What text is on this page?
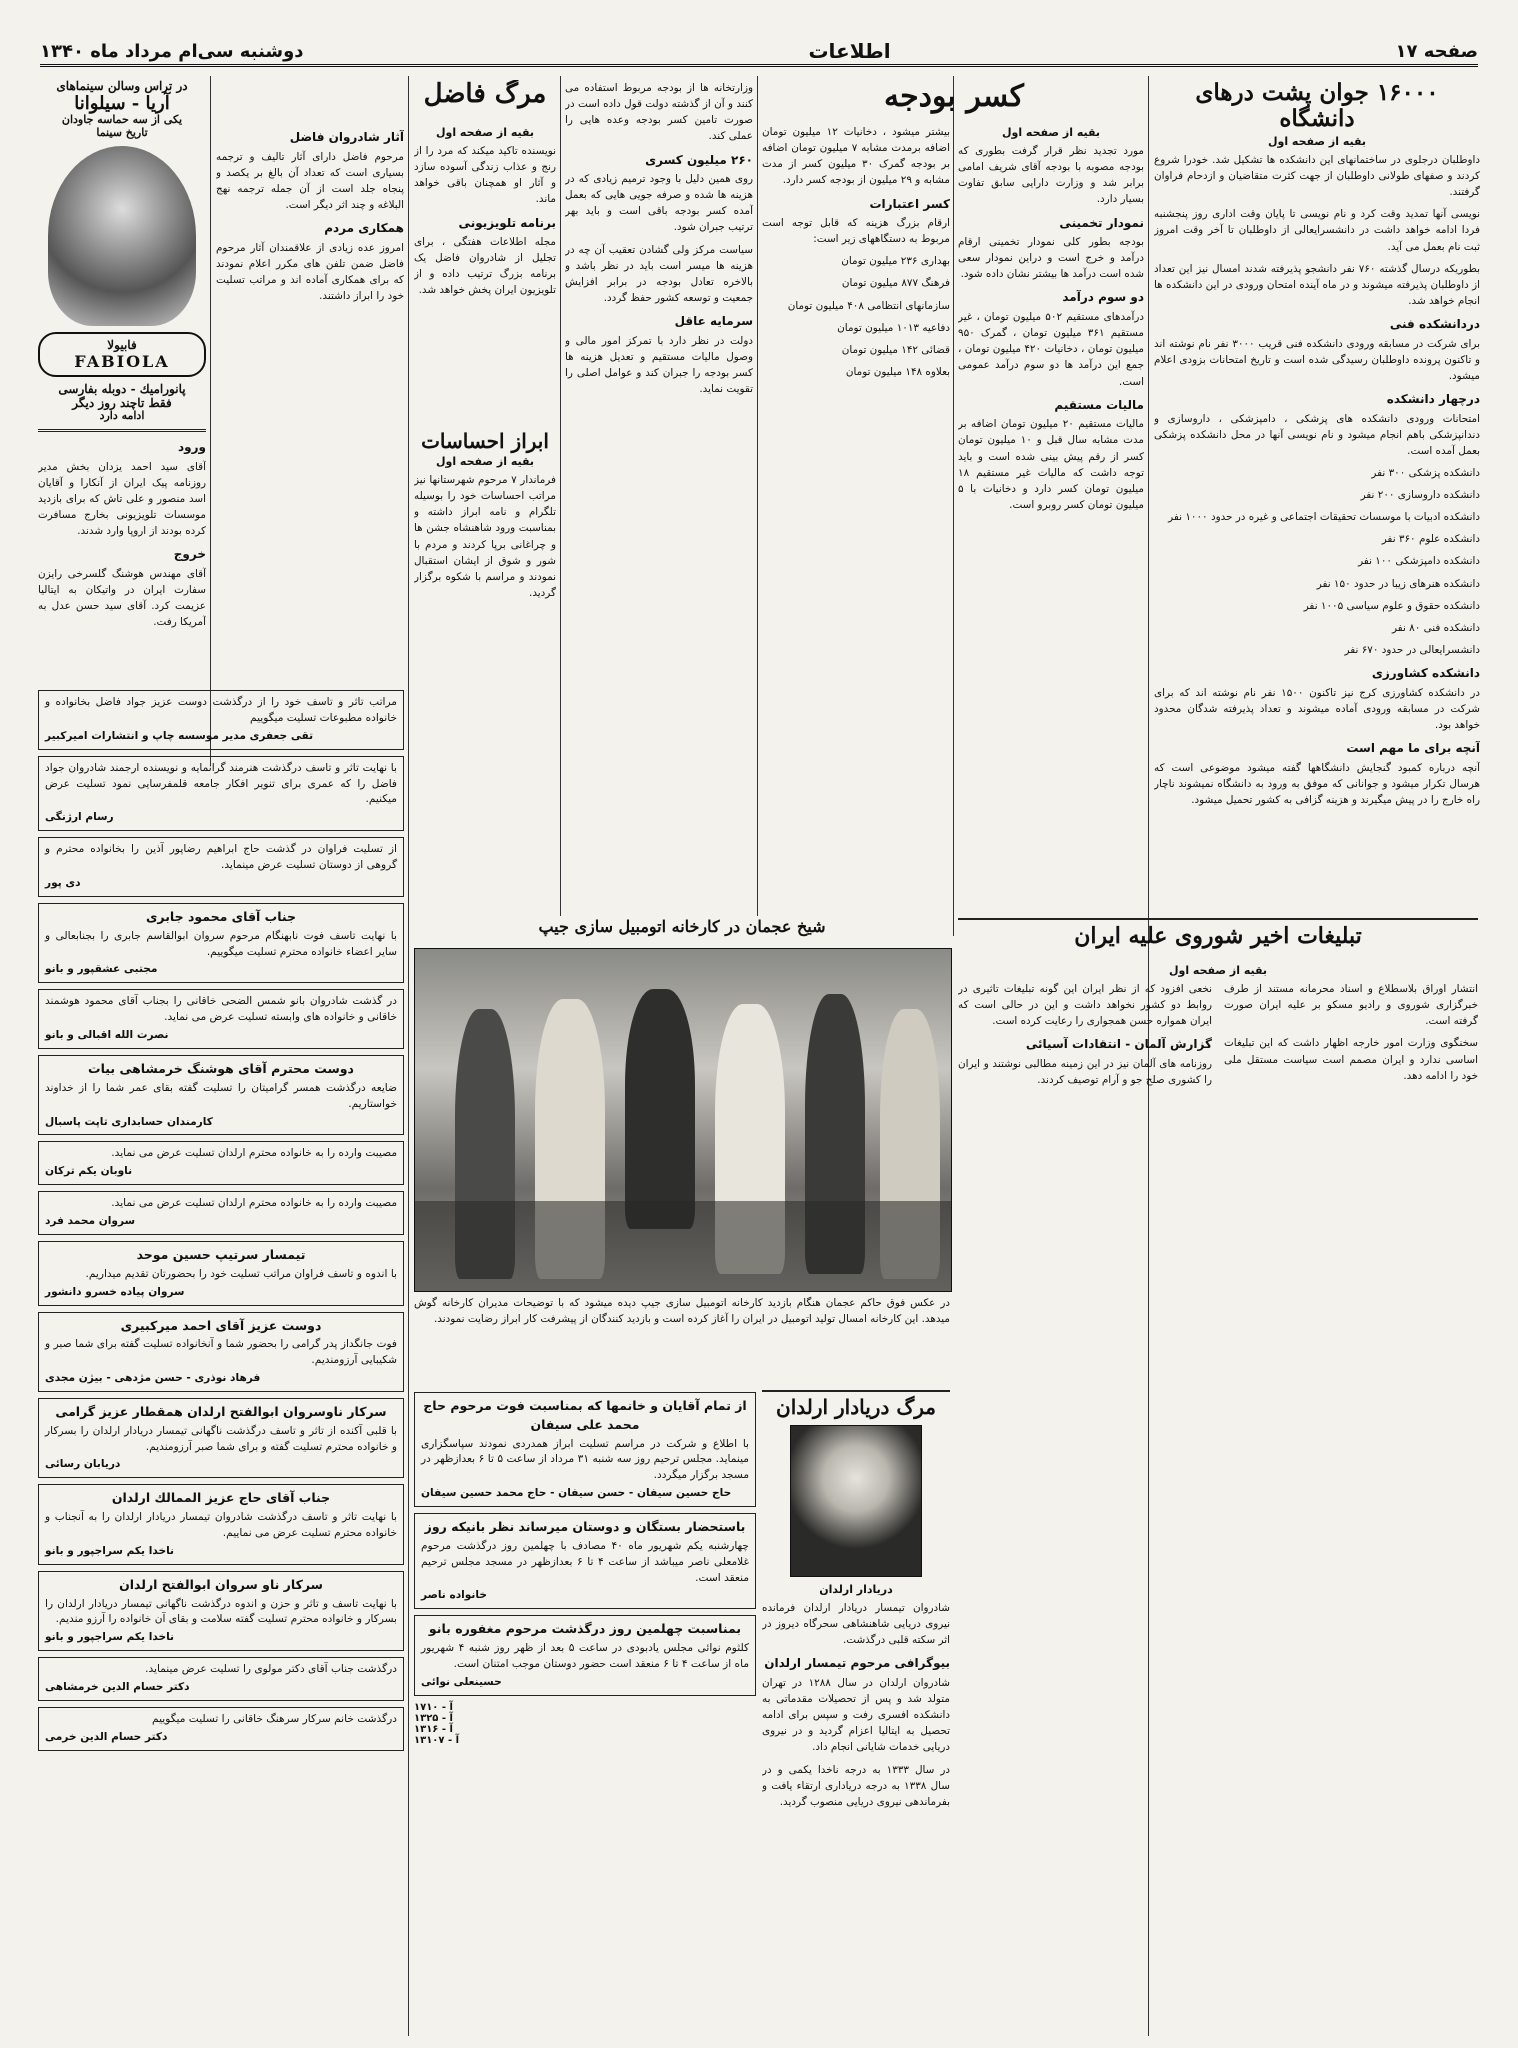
صفحه ۱۷
اطلاعات
دوشنبه سی‌ام مرداد ماه ۱۳۴۰
۱۶۰۰۰ جوان پشت درهای دانشگاه
بقیه از صفحه اول

داوطلبان درجلوی در ساختمانهای این دانشکده ها تشکیل شد. خودرا شروع کردند و صفهای طولانی داوطلبان از جهت کثرت متقاضیان و ازدحام فراوان گرفتند.

نویسی آنها تمدید وقت کرد و نام نویسی تا پایان وقت اداری روز پنجشنبه فردا ادامه خواهد داشت در دانشسرایعالی از داوطلبان تا آخر وقت امروز ثبت نام بعمل می آید.

بطوریکه درسال گذشته ۷۶۰ نفر دانشجو پذیرفته شدند امسال نیز این تعداد از داوطلبان پذیرفته میشوند و در ماه آینده امتحان ورودی در این دانشکده ها انجام خواهد شد.

دردانشکده فنی

برای شرکت در مسابقه ورودی دانشکده فنی قریب ۳۰۰۰ نفر نام نوشته اند و تاکنون پرونده داوطلبان رسیدگی شده است و تاریخ امتحانات بزودی اعلام میشود.

درچهار دانشکده

امتحانات ورودی دانشکده های پزشکی ، دامپزشکی ، داروسازی و دندانپزشکی باهم انجام میشود و نام نویسی آنها در محل دانشکده پزشکی بعمل آمده است.

دانشکده پزشکی ۳۰۰ نفر

دانشکده داروسازی ۲۰۰ نفر

دانشکده ادبیات با موسسات تحقیقات اجتماعی و غیره در حدود ۱۰۰۰ نفر

دانشکده علوم ۳۶۰ نفر

دانشکده دامپزشکی ۱۰۰ نفر

دانشکده هنرهای زیبا در حدود ۱۵۰ نفر

دانشکده حقوق و علوم سیاسی ۱۰۰۵ نفر

دانشکده فنی ۸۰ نفر

دانشسرایعالی در حدود ۶۷۰ نفر

دانشکده کشاورزی

در دانشکده کشاورزی کرج نیز تاکنون ۱۵۰۰ نفر نام نوشته اند که برای شرکت در مسابقه ورودی آماده میشوند و تعداد پذیرفته شدگان محدود خواهد بود.

آنچه برای ما مهم است

آنچه درباره کمبود گنجایش دانشگاهها گفته میشود موضوعی است که هرسال تکرار میشود و جوانانی که موفق به ورود به دانشگاه نمیشوند ناچار راه خارج را در پیش میگیرند و هزینه گزافی به کشور تحمیل میشود.

کسر بودجه
بقیه از صفحه اول

مورد تجدید نظر قرار گرفت بطوری که بودجه مصوبه با بودجه آقای شریف امامی برابر شد و وزارت دارایی سابق تفاوت بسیار دارد.

نمودار تخمینی

بودجه بطور کلی نمودار تخمینی ارقام درآمد و خرج است و دراین نمودار سعی شده است درآمد ها بیشتر نشان داده شود.

دو سوم درآمد

درآمدهای مستقیم ۵۰۲ میلیون تومان ، غیر مستقیم ۳۶۱ میلیون تومان ، گمرک ۹۵۰ میلیون تومان ، دخانیات ۴۲۰ میلیون تومان ، جمع این درآمد ها دو سوم درآمد عمومی است.

مالیات مستقیم

مالیات مستقیم ۲۰ میلیون تومان اضافه بر مدت مشابه سال قبل و ۱۰ میلیون تومان کسر از رقم پیش بینی شده است و باید توجه داشت که مالیات غیر مستقیم ۱۸ میلیون تومان کسر دارد و دخانیات با ۵ میلیون تومان کسر روبرو است.

بیشتر میشود ، دخانیات ۱۲ میلیون تومان اضافه برمدت مشابه ۷ میلیون تومان اضافه بر بودجه گمرک ۳۰ میلیون کسر از مدت مشابه و ۲۹ میلیون از بودجه کسر دارد.

کسر اعتبارات

ارقام بزرگ هزینه که قابل توجه است مربوط به دستگاههای زیر است:

بهداری ۲۳۶ میلیون تومان

فرهنگ ۸۷۷ میلیون تومان

سازمانهای انتظامی ۴۰۸ میلیون تومان

دفاعیه ۱۰۱۳ میلیون تومان

قضائی ۱۴۲ میلیون تومان

بعلاوه ۱۴۸ میلیون تومان

وزارتخانه ها از بودجه مربوط استفاده می کنند و آن از گذشته دولت قول داده است در صورت تامین کسر بودجه وعده هایی را عملی کند.

۲۶۰ میلیون کسری

روی همین دلیل با وجود ترمیم زیادی که در هزینه ها شده و صرفه جویی هایی که بعمل آمده کسر بودجه باقی است و باید بهر ترتیب جبران شود.

سیاست مرکز ولی گشادن تعقیب آن چه در هزینه ها میسر است باید در نظر باشد و بالاخره تعادل بودجه در برابر افزایش جمعیت و توسعه کشور حفظ گردد.

سرمایه عاقل

دولت در نظر دارد با تمرکز امور مالی و وصول مالیات مستقیم و تعدیل هزینه ها کسر بودجه را جبران کند و عوامل اصلی را تقویت نماید.

مرگ فاضل
بقیه از صفحه اول

نویسنده تاکید میکند که مرد را از رنج و عذاب زندگی آسوده سازد و آثار او همچنان باقی خواهد ماند.

برنامه تلویزیونی

مجله اطلاعات هفتگی ، برای تجلیل از شادروان فاضل یک برنامه بزرگ ترتیب داده و از تلویزیون ایران پخش خواهد شد.

آثار شادروان فاضل

مرحوم فاضل دارای آثار تالیف و ترجمه بسیاری است که تعداد آن بالغ بر یکصد و پنجاه جلد است از آن جمله ترجمه نهج البلاغه و چند اثر دیگر است.

همکاری مردم

امروز عده زیادی از علاقمندان آثار مرحوم فاضل ضمن تلفن های مکرر اعلام نمودند که برای همکاری آماده اند و مراتب تسلیت خود را ابراز داشتند.

ابراز احساسات
بقیه از صفحه اول

فرماندار ۷ مرحوم شهرستانها نیز مراتب احساسات خود را بوسیله تلگرام و نامه ابراز داشته و بمناسبت ورود شاهنشاه جشن ها و چراغانی برپا کردند و مردم با شور و شوق از ایشان استقبال نمودند و مراسم با شکوه برگزار گردید.

در تراس وسالن سینماهای
آریا - سیلوانا
یکی از سه حماسه جاودان
تاریخ سینما
فابیولا
FABIOLA
پانوراميك - دوبله بفارسی
فقط تاچند روز دیگر
ادامه دارد
ورود

آقای سید احمد یزدان بخش مدیر روزنامه پیک ایران از آنکارا و آقایان اسد منصور و علی تاش که برای بازدید موسسات تلویزیونی بخارج مسافرت کرده بودند از اروپا وارد شدند.

خروج

آقای مهندس هوشنگ گلسرخی رایزن سفارت ایران در واتیکان به ایتالیا عزیمت کرد. آقای سید حسن عدل به آمریکا رفت.

مراتب تاثر و تاسف خود را از درگذشت دوست عزیز جواد فاضل بخانواده و خانواده مطبوعات تسلیت میگوییم
تقی جعفری مدیر موسسه چاپ و انتشارات امیرکبیر
با نهایت تاثر و تاسف درگذشت هنرمند گرانمایه و نویسنده ارجمند شادروان جواد فاضل را که عمری برای تنویر افکار جامعه قلمفرسایی نمود تسلیت عرض میکنیم.
رسام ارژنگی
از تسلیت فراوان در گذشت حاج ابراهیم رضاپور آذین را بخانواده محترم و گروهی از دوستان تسلیت عرض مینماید.
دی پور
جناب آقای محمود جابری
با نهایت تاسف فوت نابهنگام مرحوم سروان ابوالقاسم جابری را بجنابعالی و سایر اعضاء خانواده محترم تسلیت میگوییم.
مجتبی عشقپور و بانو
در گذشت شادروان بانو شمس الضحی خاقانی را بجناب آقای محمود هوشمند خاقانی و خانواده های وابسته تسلیت عرض می نماید.
نصرت الله اقبالی و بانو
دوست محترم آقای هوشنگ خرمشاهی بیات
ضایعه درگذشت همسر گرامیتان را تسلیت گفته بقای عمر شما را از خداوند خواستاریم.
کارمندان حسابداری تاپت پاسبال
مصیبت وارده را به خانواده محترم ارلدان تسلیت عرض می نماید.
ناوبان یکم ترکان
مصیبت وارده را به خانواده محترم ارلدان تسلیت عرض می نماید.
سروان محمد فرد
تیمسار سرتیپ حسین موحد
با اندوه و تاسف فراوان مراتب تسلیت خود را بحضورتان تقدیم میداریم.
سروان پیاده خسرو دانشور
دوست عزیز آقای احمد میرکبیری
فوت جانگداز پدر گرامی را بحضور شما و آنخانواده تسلیت گفته برای شما صبر و شکیبایی آرزومندیم.
فرهاد نوذری - حسن مژدهی - بیژن مجدی
سرکار ناوسروان ابوالفتح ارلدان همقطار عزیز گرامی
با قلبی آکنده از تاثر و تاسف درگذشت ناگهانی تیمسار دریادار ارلدان را بسرکار و خانواده محترم تسلیت گفته و برای شما صبر آرزومندیم.
دریابان رسائی
جناب آقای حاج عزیز الممالك ارلدان
با نهایت تاثر و تاسف درگذشت شادروان تیمسار دریادار ارلدان را به آنجناب و خانواده محترم تسلیت عرض می نماییم.
ناخدا یکم سراجپور و بانو
سرکار ناو سروان ابوالفتح ارلدان
با نهایت تاسف و تاثر و حزن و اندوه درگذشت ناگهانی تیمسار دریادار ارلدان را بسرکار و خانواده محترم تسلیت گفته سلامت و بقای آن خانواده را آرزو مندیم.
ناخدا یکم سراجپور و بانو
درگذشت جناب آقای دکتر مولوی را تسلیت عرض مینماید.
دکتر حسام الدین خرمشاهی
درگذشت خانم سرکار سرهنگ خاقانی را تسلیت میگوییم
دکتر حسام الدین خرمی
شیخ عجمان در کارخانه اتومبیل سازی جیپ
در عکس فوق حاکم عجمان هنگام بازدید کارخانه اتومبیل سازی جیپ دیده میشود که با توضیحات مدیران کارخانه گوش میدهد. این کارخانه امسال تولید اتومبیل در ایران را آغاز کرده است و بازدید کنندگان از پیشرفت کار ابراز رضایت نمودند.
تبلیغات اخیر شوروی علیه ایران
بقیه از صفحه اول

انتشار اوراق بلاسطلاع و اسناد محرمانه مستند از طرف خبرگزاری شوروی و رادیو مسکو بر علیه ایران صورت گرفته است.

سخنگوی وزارت امور خارجه اظهار داشت که این تبلیغات اساسی ندارد و ایران مصمم است سیاست مستقل ملی خود را ادامه دهد.

نخعی افزود که از نظر ایران این گونه تبلیغات تاثیری در روابط دو کشور نخواهد داشت و این در حالی است که ایران همواره حسن همجواری را رعایت کرده است.

گزارش آلمان - انتقادات آسیائی

روزنامه های آلمان نیز در این زمینه مطالبی نوشتند و ایران را کشوری صلح جو و آرام توصیف کردند.

مرگ دریادار ارلدان
دریادار ارلدان

شادروان تیمسار دریادار ارلدان فرمانده نیروی دریایی شاهنشاهی سحرگاه دیروز در اثر سکته قلبی درگذشت.

بیوگرافی مرحوم تیمسار ارلدان

شادروان ارلدان در سال ۱۲۸۸ در تهران متولد شد و پس از تحصیلات مقدماتی به دانشکده افسری رفت و سپس برای ادامه تحصیل به ایتالیا اعزام گردید و در نیروی دریایی خدمات شایانی انجام داد.

در سال ۱۳۳۳ به درجه ناخدا یکمی و در سال ۱۳۳۸ به درجه دریاداری ارتقاء یافت و بفرماندهی نیروی دریایی منصوب گردید.

از تمام آقایان و خانمها که بمناسبت فوت مرحوم حاج محمد علی سیفان
با اطلاع و شرکت در مراسم تسلیت ابراز همدردی نمودند سپاسگزاری مینماید. مجلس ترحیم روز سه شنبه ۳۱ مرداد از ساعت ۵ تا ۶ بعدازظهر در مسجد برگزار میگردد.
حاج حسین سیفان - حسن سیفان - حاج محمد حسین سیفان
باستحضار بستگان و دوستان میرساند نظر بانیکه روز
چهارشنبه یکم شهریور ماه ۴۰ مصادف با چهلمین روز درگذشت مرحوم غلامعلی ناصر میباشد از ساعت ۴ تا ۶ بعدازظهر در مسجد مجلس ترحیم منعقد است.
خانواده ناصر
بمناسبت چهلمین روز درگذشت مرحوم مغفوره بانو
کلثوم نوائی مجلس یادبودی در ساعت ۵ بعد از ظهر روز شنبه ۴ شهریور ماه از ساعت ۴ تا ۶ منعقد است حضور دوستان موجب امتنان است.
حسینعلی نوائی
آ - ۱۷۱۰
آ - ۱۳۲۵
آ - ۱۳۱۶
آ - ۱۳۱۰۷
